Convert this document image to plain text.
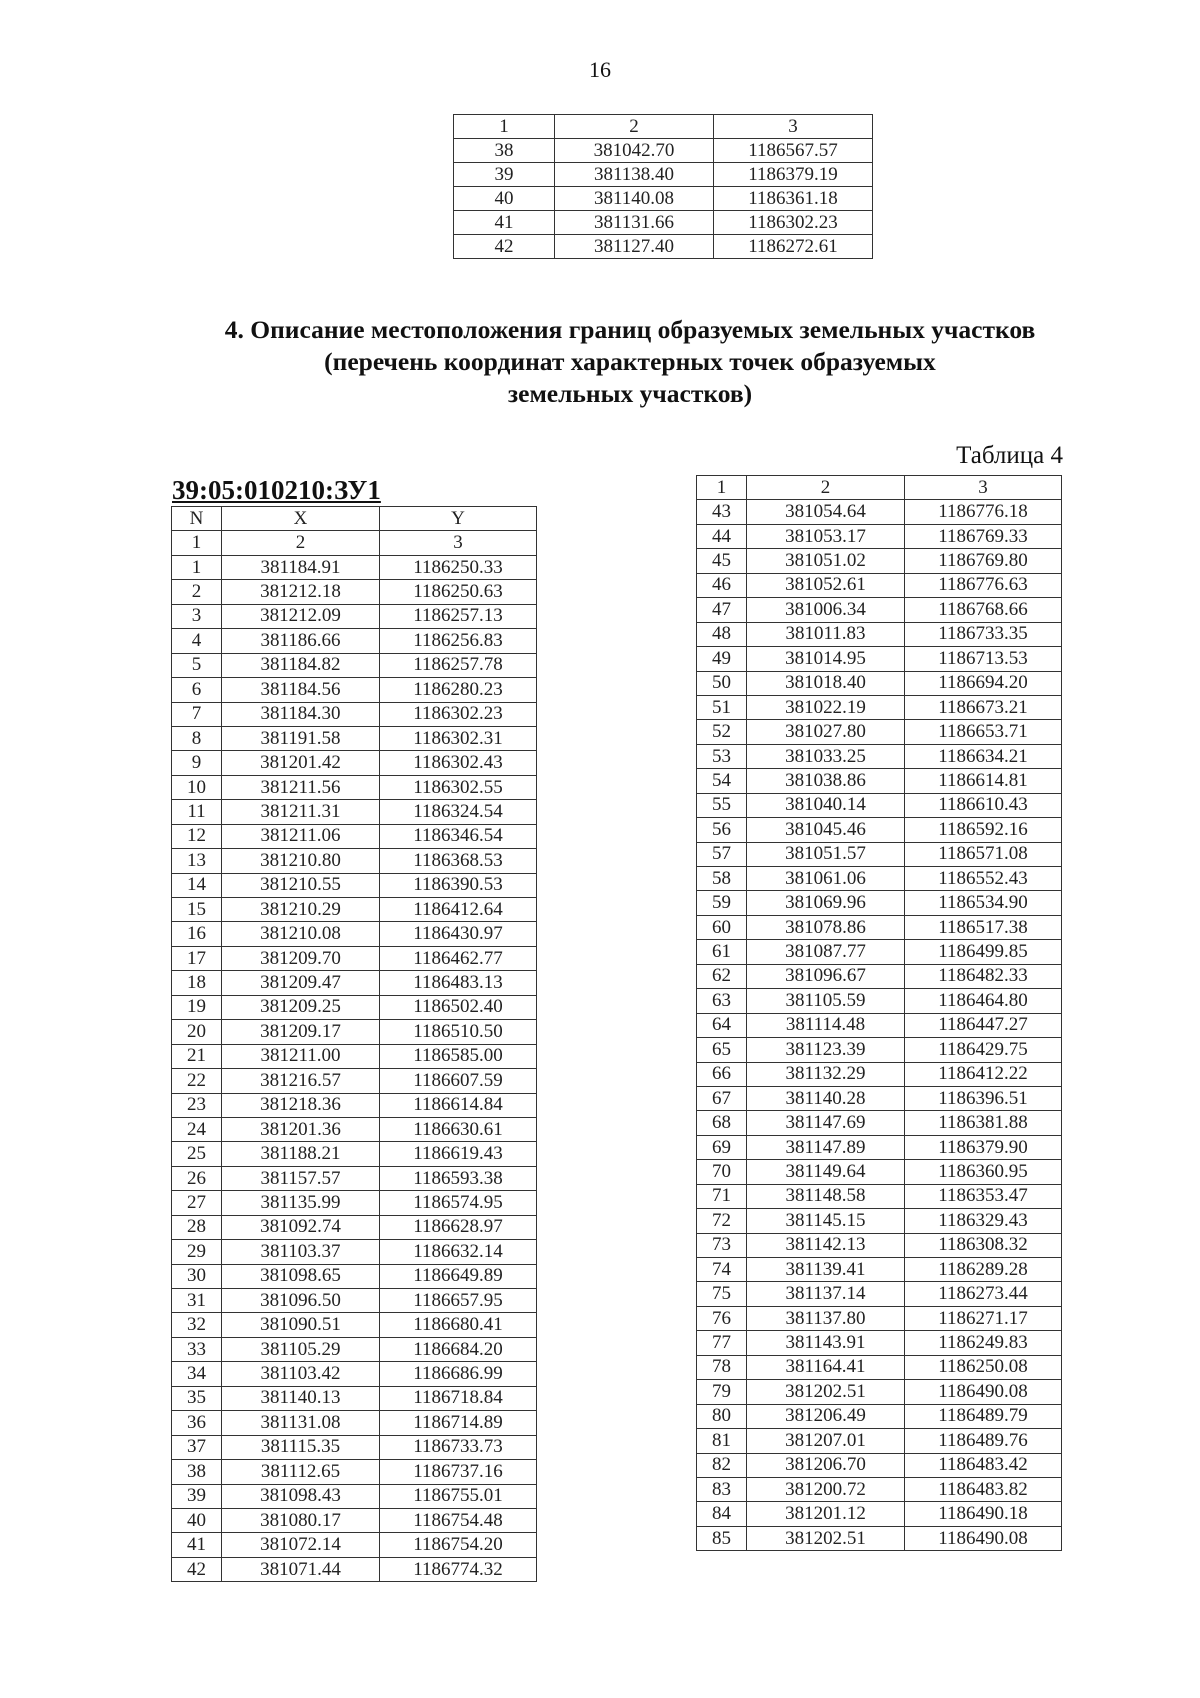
16
1	2	3
38	381042.70	1186567.57
39	381138.40	1186379.19
40	381140.08	1186361.18
41	381131.66	1186302.23
42	381127.40	1186272.61
4. Описание местоположения границ образуемых земельных участков
(перечень координат характерных точек образуемых
земельных участков)
Таблица 4
39:05:010210:ЗУ1
N	X	Y
1	2	3
1	381184.91	1186250.33
2	381212.18	1186250.63
3	381212.09	1186257.13
4	381186.66	1186256.83
5	381184.82	1186257.78
6	381184.56	1186280.23
7	381184.30	1186302.23
8	381191.58	1186302.31
9	381201.42	1186302.43
10	381211.56	1186302.55
11	381211.31	1186324.54
12	381211.06	1186346.54
13	381210.80	1186368.53
14	381210.55	1186390.53
15	381210.29	1186412.64
16	381210.08	1186430.97
17	381209.70	1186462.77
18	381209.47	1186483.13
19	381209.25	1186502.40
20	381209.17	1186510.50
21	381211.00	1186585.00
22	381216.57	1186607.59
23	381218.36	1186614.84
24	381201.36	1186630.61
25	381188.21	1186619.43
26	381157.57	1186593.38
27	381135.99	1186574.95
28	381092.74	1186628.97
29	381103.37	1186632.14
30	381098.65	1186649.89
31	381096.50	1186657.95
32	381090.51	1186680.41
33	381105.29	1186684.20
34	381103.42	1186686.99
35	381140.13	1186718.84
36	381131.08	1186714.89
37	381115.35	1186733.73
38	381112.65	1186737.16
39	381098.43	1186755.01
40	381080.17	1186754.48
41	381072.14	1186754.20
42	381071.44	1186774.32
1	2	3
43	381054.64	1186776.18
44	381053.17	1186769.33
45	381051.02	1186769.80
46	381052.61	1186776.63
47	381006.34	1186768.66
48	381011.83	1186733.35
49	381014.95	1186713.53
50	381018.40	1186694.20
51	381022.19	1186673.21
52	381027.80	1186653.71
53	381033.25	1186634.21
54	381038.86	1186614.81
55	381040.14	1186610.43
56	381045.46	1186592.16
57	381051.57	1186571.08
58	381061.06	1186552.43
59	381069.96	1186534.90
60	381078.86	1186517.38
61	381087.77	1186499.85
62	381096.67	1186482.33
63	381105.59	1186464.80
64	381114.48	1186447.27
65	381123.39	1186429.75
66	381132.29	1186412.22
67	381140.28	1186396.51
68	381147.69	1186381.88
69	381147.89	1186379.90
70	381149.64	1186360.95
71	381148.58	1186353.47
72	381145.15	1186329.43
73	381142.13	1186308.32
74	381139.41	1186289.28
75	381137.14	1186273.44
76	381137.80	1186271.17
77	381143.91	1186249.83
78	381164.41	1186250.08
79	381202.51	1186490.08
80	381206.49	1186489.79
81	381207.01	1186489.76
82	381206.70	1186483.42
83	381200.72	1186483.82
84	381201.12	1186490.18
85	381202.51	1186490.08
